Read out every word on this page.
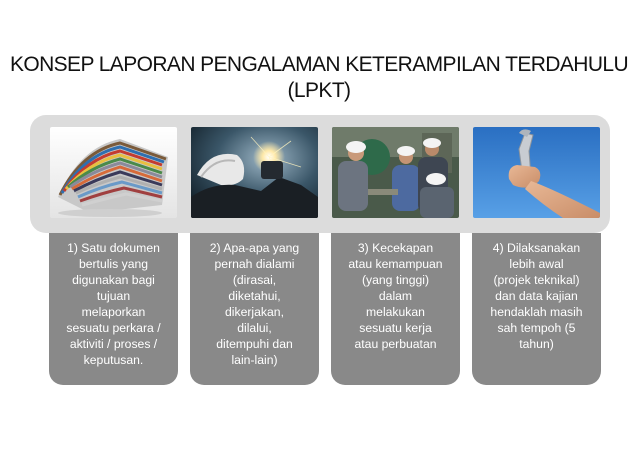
KONSEP LAPORAN PENGALAMAN KETERAMPILAN TERDAHULU
(LPKT)
1) Satu dokumen
bertulis yang
digunakan bagi
tujuan
melaporkan
sesuatu perkara /
aktiviti / proses /
keputusan.
2) Apa-apa yang
pernah dialami
(dirasai,
diketahui,
dikerjakan,
dilalui,
ditempuhi dan
lain-lain)
3) Kecekapan
atau kemampuan
(yang tinggi)
dalam
melakukan
sesuatu kerja
atau perbuatan
4) Dilaksanakan
lebih awal
(projek teknikal)
dan data kajian
hendaklah masih
sah tempoh (5
tahun)
